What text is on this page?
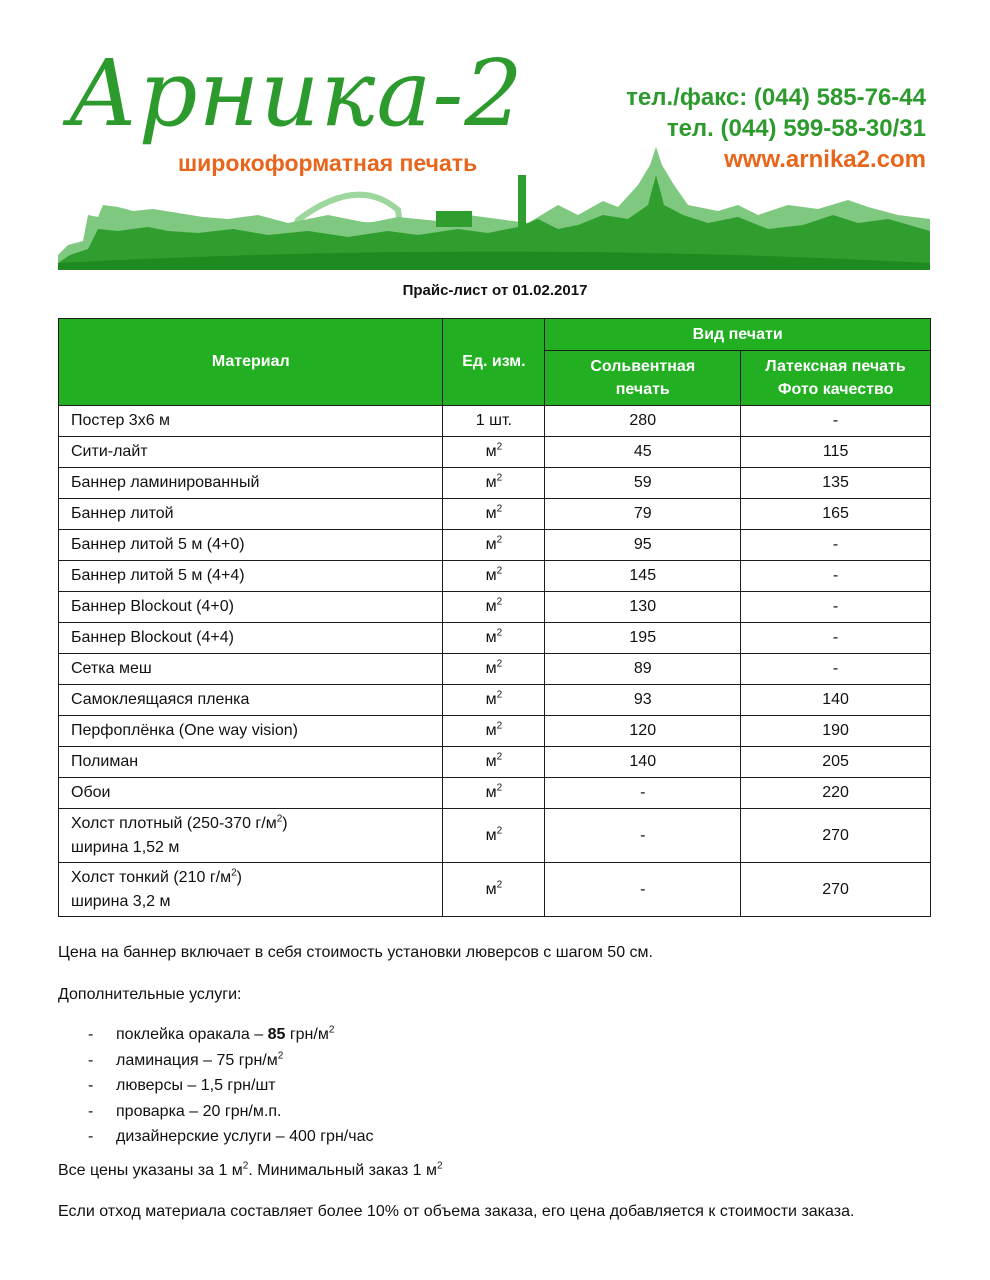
Арника-2
широкоформатная печать
тел./факс: (044) 585-76-44
тел. (044) 599-58-30/31
www.arnika2.com
Прайс-лист от 01.02.2017
Материал	Ед. изм.	Вид печати	
		Сольвентная печать	Латексная печать
Фото качество

Постер 3х6 м	1 шт.	280	-
Сити-лайт	$м^2$	45	115
Баннер ламинированный	$м^2$	59	135
Баннер литой	$м^2$	79	165
Баннер литой 5 м (4+0)	$м^2$	95	-
Баннер литой 5 м (4+4)	$м^2$	145	-
Баннер Blockout (4+0)	$м^2$	130	-
Баннер Blockout (4+4)	$м^2$	195	-
Сетка меш	$м^2$	89	-
Самоклеящаяся пленка	$м^2$	93	140
Перфоплёнка (One way vision)	$м^2$	120	190
Полиман	$м^2$	140	205
Обои	$м^2$	-	220

Холст плотный (250-370 $г/м^2$)
ширина 1,52 м	$м^2$	-	270

Холст тонкий (210 $г/м^2$)
ширина 3,2 м	$м^2$	-	270

Цена на баннер включает в себя стоимость установки люверсов с шагом 50 см.

Дополнительные услуги:

- поклейка оракала – 85 грн/$м^2$
- ламинация – 75 грн/$м^2$
- люверсы – 1,5 грн/шт
- проварка – 20 грн/м.п.
- дизайнерские услуги – 400 грн/час

Все цены указаны за 1 $м^2$. Минимальный заказ 1 $м^2$

Если отход материала составляет более 10% от объема заказа, его цена добавляется к стоимости заказа.
